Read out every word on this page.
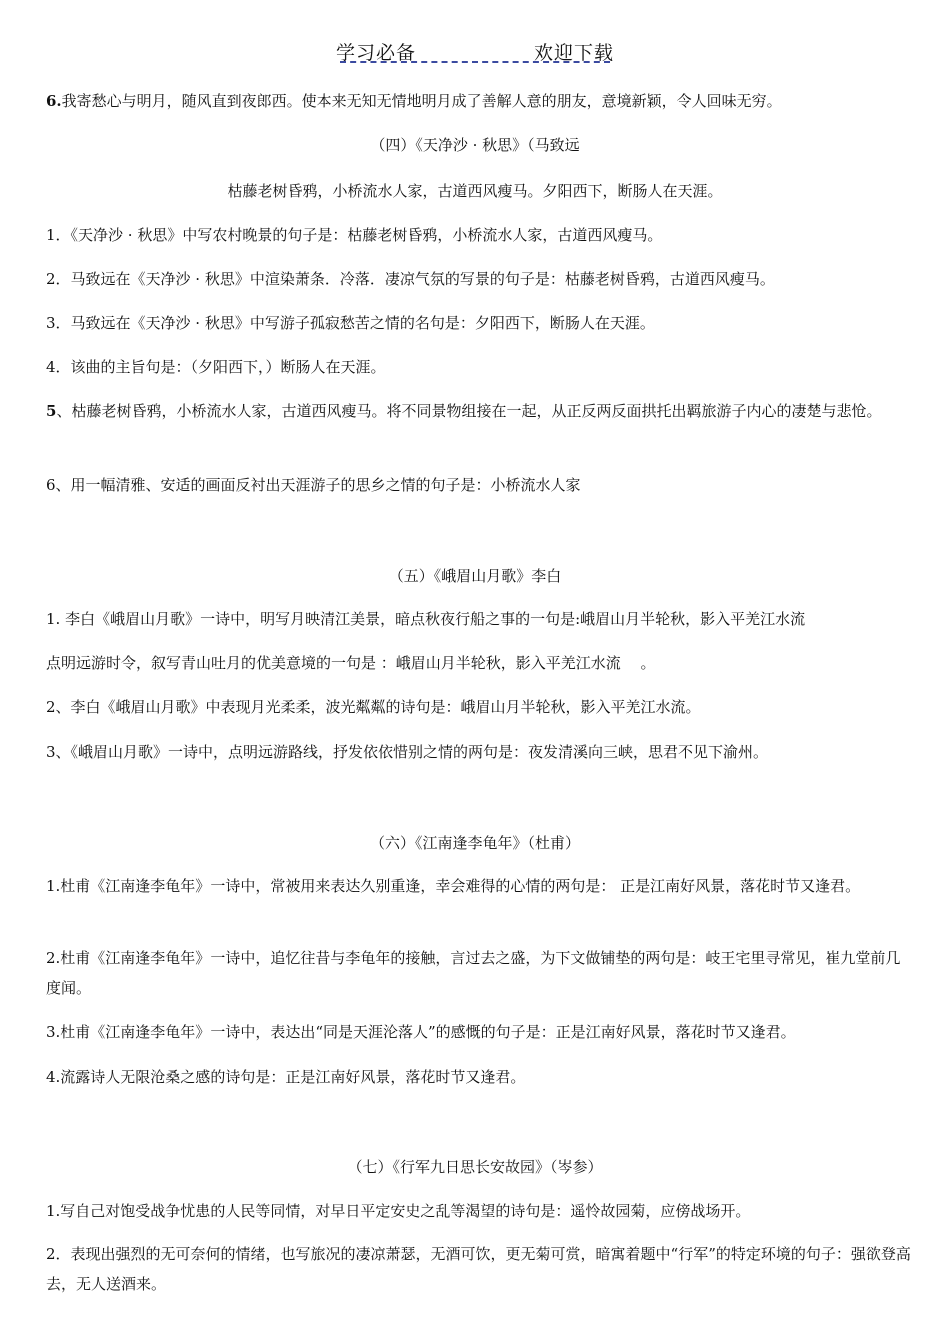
学习必备	欢迎下载
6.我寄愁心与明月，随风直到夜郎西。使本来无知无情地明月成了善解人意的朋友，意境新颖，令人回味无穷。
（四）《天净沙 · 秋思》（马致远
枯藤老树昏鸦，小桥流水人家，古道西风瘦马。夕阳西下，断肠人在天涯。
1．《天净沙 · 秋思》中写农村晚景的句子是：枯藤老树昏鸦，小桥流水人家，古道西风瘦马。
2．马致远在《天净沙 · 秋思》中渲染萧条．冷落．凄凉气氛的写景的句子是：枯藤老树昏鸦，古道西风瘦马。
3．马致远在《天净沙 · 秋思》中写游子孤寂愁苦之情的名句是：夕阳西下，断肠人在天涯。
4．该曲的主旨句是：（夕阳西下，）断肠人在天涯。
5、枯藤老树昏鸦，小桥流水人家，古道西风瘦马。将不同景物组接在一起，从正反两反面拱托出羁旅游子内心的凄楚与悲怆。
6、用一幅清雅、安适的画面反衬出天涯游子的思乡之情的句子是：小桥流水人家
（五）《峨眉山月歌》李白
1. 李白《峨眉山月歌》一诗中，明写月映清江美景，暗点秋夜行船之事的一句是:峨眉山月半轮秋，影入平羌江水流
点明远游时令，叙写青山吐月的优美意境的一句是 ：峨眉山月半轮秋，影入平羌江水流 　。
2、李白《峨眉山月歌》中表现月光柔柔，波光粼粼的诗句是：峨眉山月半轮秋，影入平羌江水流。
3、《峨眉山月歌》一诗中，点明远游路线，抒发依依惜别之情的两句是：夜发清溪向三峡，思君不见下渝州。
（六）《江南逢李龟年》（杜甫）
1.杜甫《江南逢李龟年》一诗中，常被用来表达久别重逢，幸会难得的心情的两句是： 正是江南好风景，落花时节又逢君。
2.杜甫《江南逢李龟年》一诗中，追忆往昔与李龟年的接触，言过去之盛，为下文做铺垫的两句是：岐王宅里寻常见，崔九堂前几度闻。
3.杜甫《江南逢李龟年》一诗中，表达出“同是天涯沦落人”的感慨的句子是：正是江南好风景，落花时节又逢君。
4.流露诗人无限沧桑之感的诗句是：正是江南好风景，落花时节又逢君。
（七）《行军九日思长安故园》（岑参）
1.写自己对饱受战争忧患的人民等同情，对早日平定安史之乱等渴望的诗句是：遥怜故园菊，应傍战场开。
2．表现出强烈的无可奈何的情绪，也写旅况的凄凉萧瑟，无酒可饮，更无菊可赏，暗寓着题中“行军”的特定环境的句子：强欲登高去，无人送酒来。
